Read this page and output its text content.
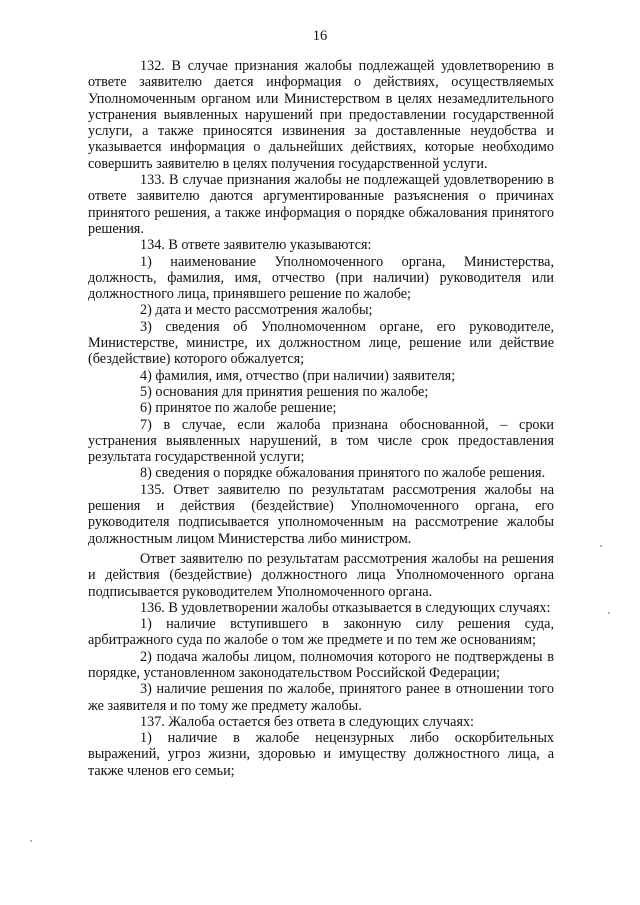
16

132. В случае признания жалобы подлежащей удовлетворению в ответе заявителю дается информация о действиях, осуществляемых Уполномоченным органом или Министерством в целях незамедлительного устранения выявленных нарушений при предоставлении государственной услуги, а также приносятся извинения за доставленные неудобства и указывается информация о дальнейших действиях, которые необходимо совершить заявителю в целях получения государственной услуги.

133. В случае признания жалобы не подлежащей удовлетворению в ответе заявителю даются аргументированные разъяснения о причинах принятого решения, а также информация о порядке обжалования принятого решения.

134. В ответе заявителю указываются:

1) наименование Уполномоченного органа, Министерства, должность, фамилия, имя, отчество (при наличии) руководителя или должностного лица, принявшего решение по жалобе;

2) дата и место рассмотрения жалобы;

3) сведения об Уполномоченном органе, его руководителе, Министерстве, министре, их должностном лице, решение или действие (бездействие) которого обжалуется;

4) фамилия, имя, отчество (при наличии) заявителя;

5) основания для принятия решения по жалобе;

6) принятое по жалобе решение;

7) в случае, если жалоба признана обоснованной, – сроки устранения выявленных нарушений, в том числе срок предоставления результата государственной услуги;

8) сведения о порядке обжалования принятого по жалобе решения.

135. Ответ заявителю по результатам рассмотрения жалобы на решения и действия (бездействие) Уполномоченного органа, его руководителя подписывается уполномоченным на рассмотрение жалобы должностным лицом Министерства либо министром.

Ответ заявителю по результатам рассмотрения жалобы на решения и действия (бездействие) должностного лица Уполномоченного органа подписывается руководителем Уполномоченного органа.

136. В удовлетворении жалобы отказывается в следующих случаях:

1) наличие вступившего в законную силу решения суда, арбитражного суда по жалобе о том же предмете и по тем же основаниям;

2) подача жалобы лицом, полномочия которого не подтверждены в порядке, установленном законодательством Российской Федерации;

3) наличие решения по жалобе, принятого ранее в отношении того же заявителя и по тому же предмету жалобы.

137. Жалоба остается без ответа в следующих случаях:

1) наличие в жалобе нецензурных либо оскорбительных выражений, угроз жизни, здоровью и имуществу должностного лица, а также членов его семьи;
